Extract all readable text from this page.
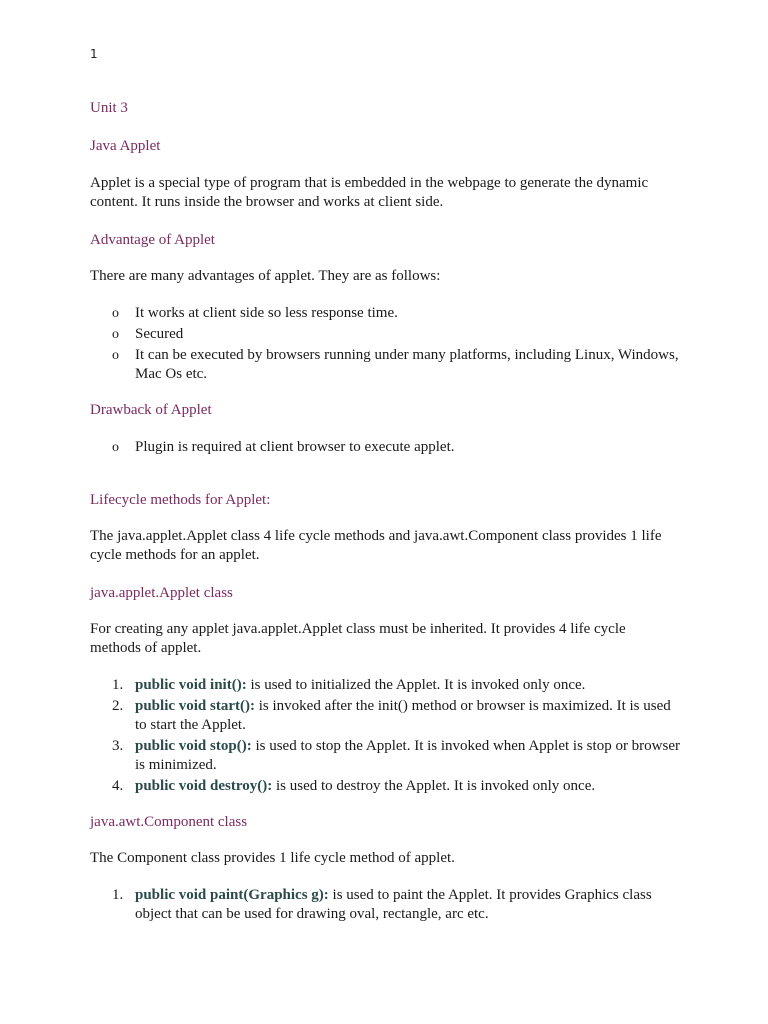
1
Unit 3
Java Applet

Applet is a special type of program that is embedded in the webpage to generate the dynamic content. It runs inside the browser and works at client side.

Advantage of Applet

There are many advantages of applet. They are as follows:

o It works at client side so less response time.
o Secured
o It can be executed by browsers running under many platforms, including Linux, Windows, Mac Os etc.
Drawback of Applet
o Plugin is required at client browser to execute applet.
Lifecycle methods for Applet:

The java.applet.Applet class 4 life cycle methods and java.awt.Component class provides 1 life cycle methods for an applet.

java.applet.Applet class

For creating any applet java.applet.Applet class must be inherited. It provides 4 life cycle methods of applet.

1. public void init(): is used to initialized the Applet. It is invoked only once.
2. public void start(): is invoked after the init() method or browser is maximized. It is used to start the Applet.
3. public void stop(): is used to stop the Applet. It is invoked when Applet is stop or browser is minimized.
4. public void destroy(): is used to destroy the Applet. It is invoked only once.
java.awt.Component class

The Component class provides 1 life cycle method of applet.

1. public void paint(Graphics g): is used to paint the Applet. It provides Graphics class object that can be used for drawing oval, rectangle, arc etc.
